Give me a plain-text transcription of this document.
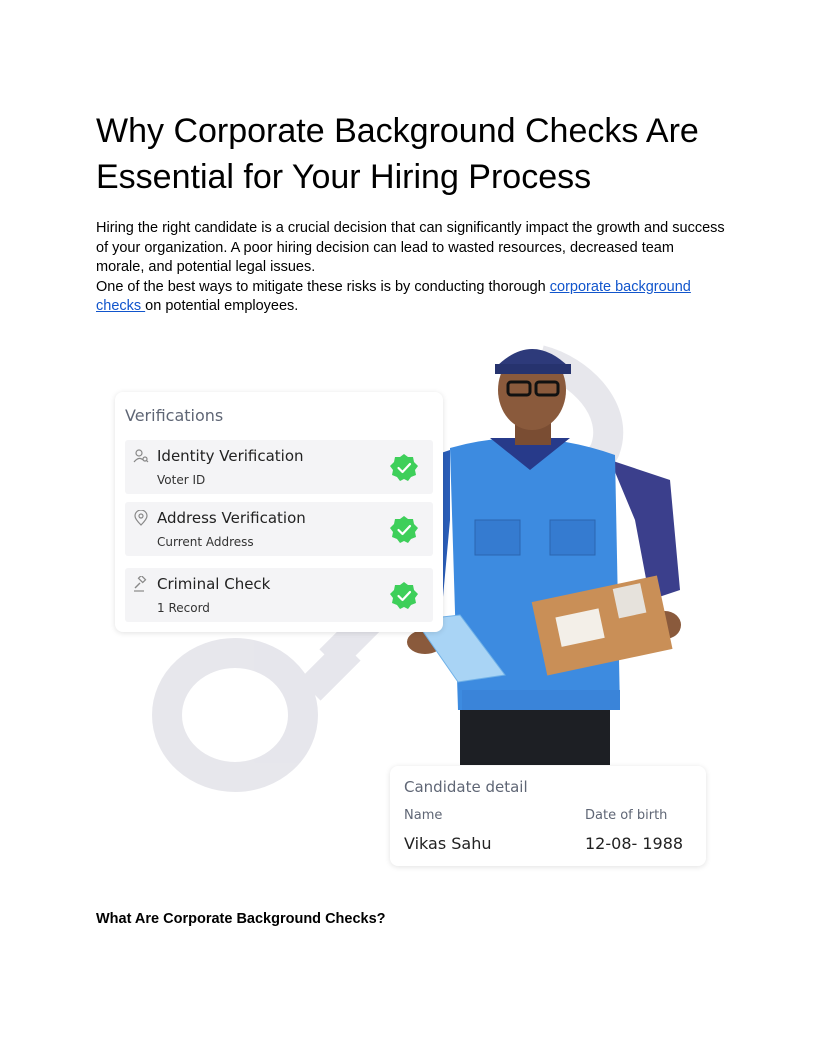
Why Corporate Background Checks Are Essential for Your Hiring Process
Hiring the right candidate is a crucial decision that can significantly impact the growth and success of your organization. A poor hiring decision can lead to wasted resources, decreased team morale, and potential legal issues.
One of the best ways to mitigate these risks is by conducting thorough corporate background checks on potential employees.
Verifications
Identity Verification
Voter ID
Address Verification
Current Address
Criminal Check
1 Record
Candidate detail
Name	Date of birth
Vikas Sahu	12-08- 1988
What Are Corporate Background Checks?
